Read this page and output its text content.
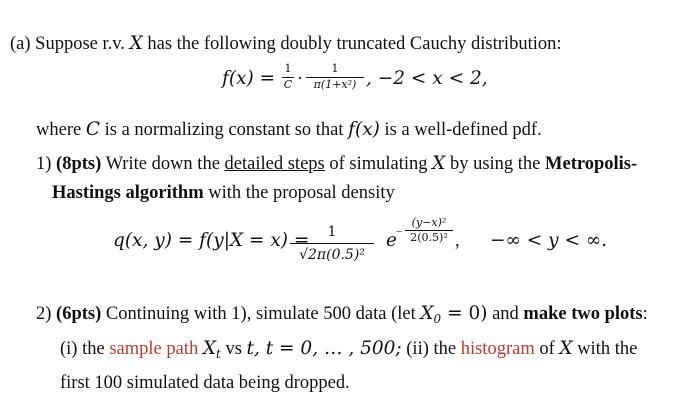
(a) Suppose r.v. X has the following doubly truncated Cauchy distribution:
f(x) = 1
C ·
1
π(1+x²) , −2 < x < 2,
where C is a normalizing constant so that f(x) is a well-defined pdf.
1) (8pts) Write down the detailed steps of simulating X by using the Metropolis-
Hastings algorithm with the proposal density
q(x, y) = f(y|X = x) =	1
√2π(0.5)²
e −
(y−x)²
2(0.5)² , −∞ < y < ∞.
2) (6pts) Continuing with 1), simulate 500 data (let $X_0 = 0$) and make two plots:
(i) the sample path $X_t$ vs t, t = 0, … , 500; (ii) the histogram of X with the
first 100 simulated data being dropped.
